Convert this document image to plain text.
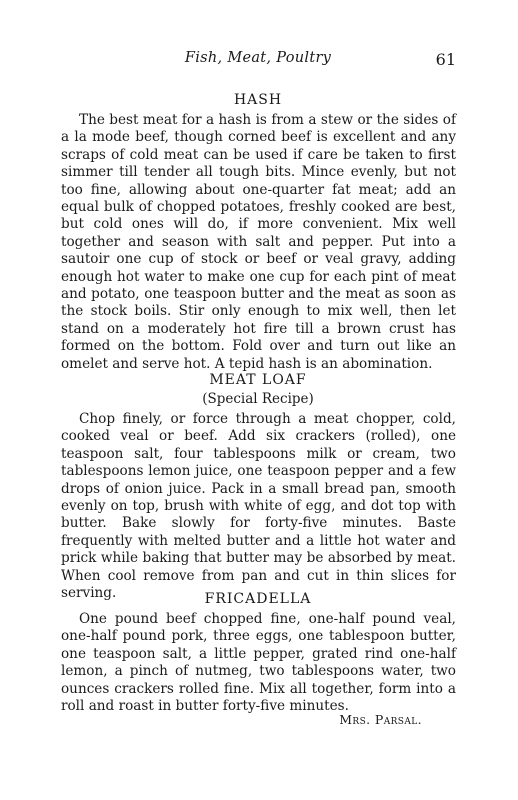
Fish, Meat, Poultry	61
HASH

The best meat for a hash is from a stew or the sides of a la mode beef, though corned beef is excellent and any scraps of cold meat can be used if care be taken to first simmer till tender all tough bits. Mince evenly, but not too fine, allowing about one-quarter fat meat; add an equal bulk of chopped potatoes, freshly cooked are best, but cold ones will do, if more convenient. Mix well together and season with salt and pepper. Put into a sautoir one cup of stock or beef or veal gravy, adding enough hot water to make one cup for each pint of meat and potato, one teaspoon butter and the meat as soon as the stock boils. Stir only enough to mix well, then let stand on a moderately hot fire till a brown crust has formed on the bottom. Fold over and turn out like an omelet and serve hot. A tepid hash is an abomination.

MEAT LOAF

(Special Recipe)

Chop finely, or force through a meat chopper, cold, cooked veal or beef. Add six crackers (rolled), one teaspoon salt, four tablespoons milk or cream, two tablespoons lemon juice, one teaspoon pepper and a few drops of onion juice. Pack in a small bread pan, smooth evenly on top, brush with white of egg, and dot top with butter. Bake slowly for forty-five minutes. Baste frequently with melted butter and a little hot water and prick while baking that butter may be absorbed by meat. When cool remove from pan and cut in thin slices for serving.	FRICADELLA

One pound beef chopped fine, one-half pound veal, one-half pound pork, three eggs, one tablespoon butter, one teaspoon salt, a little pepper, grated rind one-half lemon, a pinch of nutmeg, two tablespoons water, two ounces crackers rolled fine. Mix all together, form into a roll and roast in butter forty-five minutes.

Mrs. Parsal.
